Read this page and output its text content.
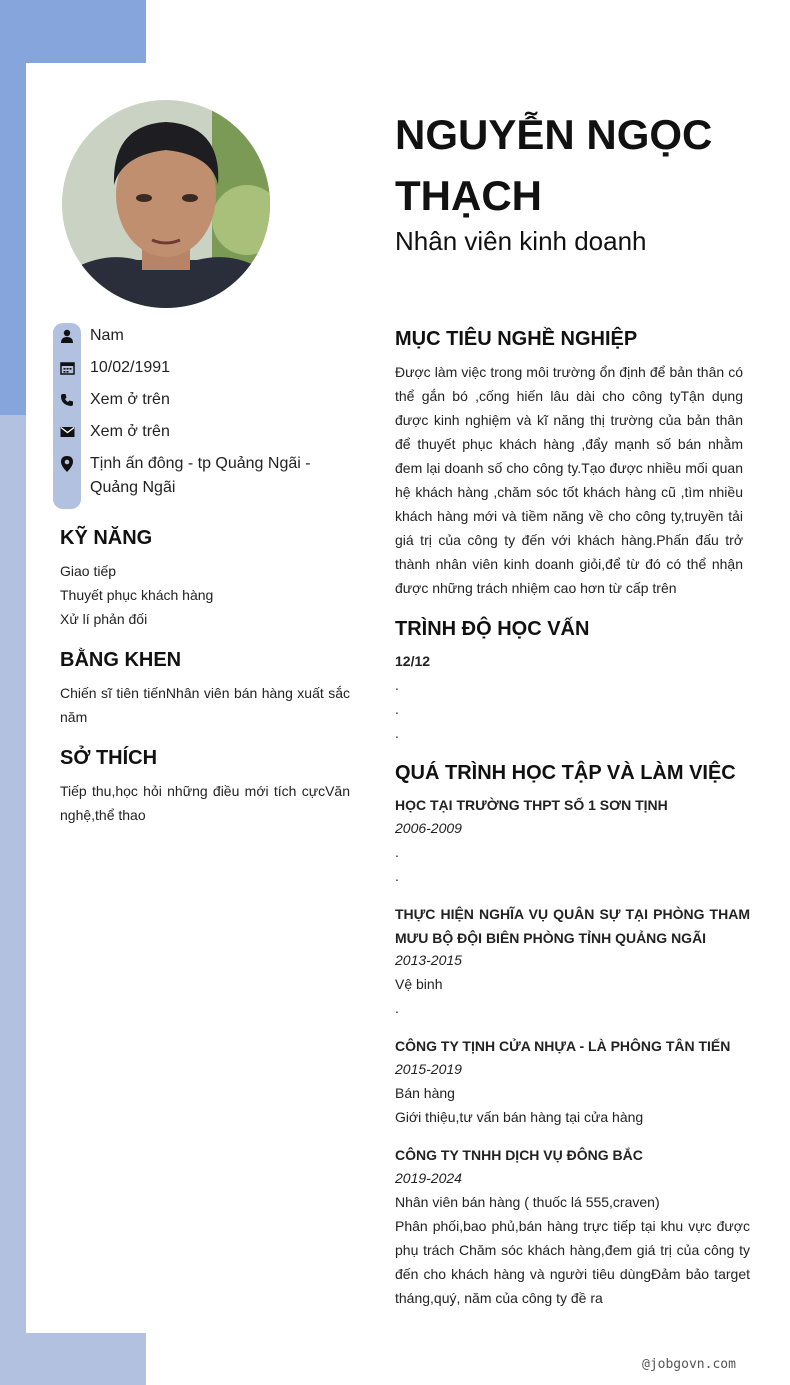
NGUYỄN NGỌC THẠCH
Nhân viên kinh doanh
Nam
10/02/1991
Xem ở trên
Xem ở trên
Tịnh ấn đông - tp Quảng Ngãi -Quảng Ngãi
KỸ NĂNG
Giao tiếp
Thuyết phục khách hàng
Xử lí phản đối
BẰNG KHEN
Chiến sĩ tiên tiếnNhân viên bán hàng xuất sắc năm
SỞ THÍCH
Tiếp thu,học hỏi những điều mới tích cựcVăn nghệ,thể thao
MỤC TIÊU NGHỀ NGHIỆP
Được làm việc trong môi trường ổn định để bản thân có thể gắn bó ,cống hiến lâu dài cho công tyTận dụng được kinh nghiệm và kĩ năng thị trường của bản thân để thuyết phục khách hàng ,đẩy mạnh số bán nhằm đem lại doanh số cho công ty.Tạo được nhiều mối quan hệ khách hàng ,chăm sóc tốt khách hàng cũ ,tìm nhiều khách hàng mới và tiềm năng về cho công ty,truyền tải giá trị của công ty đến với khách hàng.Phấn đấu trở thành nhân viên kinh doanh giỏi,để từ đó có thể nhận được những trách nhiệm cao hơn từ cấp trên
TRÌNH ĐỘ HỌC VẤN
12/12
.
.
.
QUÁ TRÌNH HỌC TẬP VÀ LÀM VIỆC
HỌC TẠI TRƯỜNG THPT SỐ 1 SƠN TỊNH
2006-2009
.
.
THỰC HIỆN NGHĨA VỤ QUÂN SỰ TẠI PHÒNG THAM MƯU BỘ ĐỘI BIÊN PHÒNG TỈNH QUẢNG NGÃI
2013-2015
Vệ binh
.
CÔNG TY TỊNH CỬA NHỰA - LÀ PHÔNG TÂN TIẾN
2015-2019
Bán hàng
Giới thiệu,tư vấn bán hàng tại cửa hàng
CÔNG TY TNHH DỊCH VỤ ĐÔNG BẮC
2019-2024
Nhân viên bán hàng ( thuốc lá 555,craven)
Phân phối,bao phủ,bán hàng trực tiếp tại khu vực được phụ trách Chăm sóc khách hàng,đem giá trị của công ty đến cho khách hàng và người tiêu dùngĐảm bảo target tháng,quý, năm của công ty đề ra
@jobgovn.com
